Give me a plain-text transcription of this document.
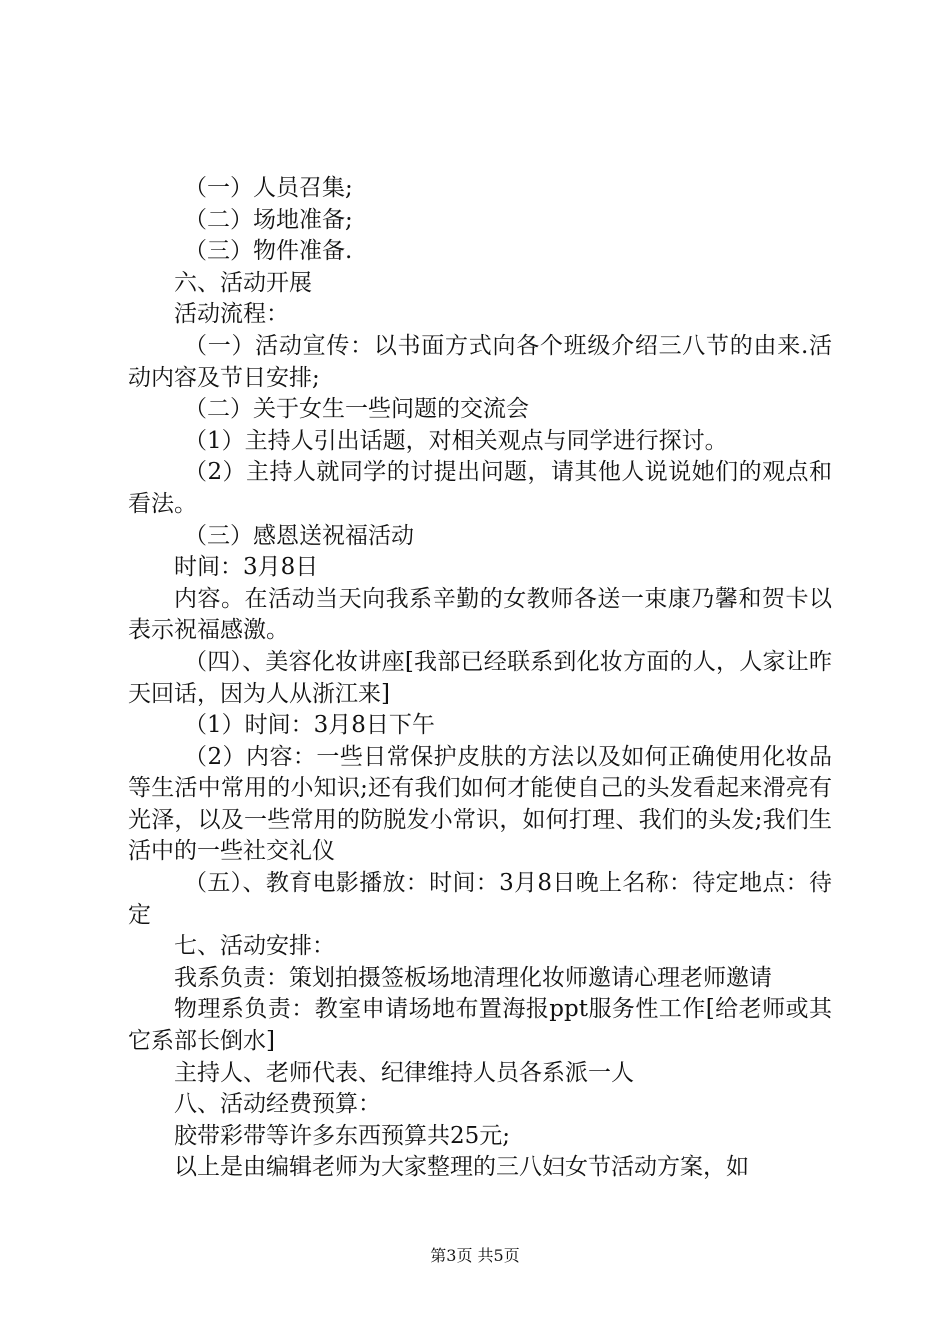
（一）人员召集;

（二）场地准备;

（三）物件准备.

六、活动开展

活动流程：

（一）活动宣传：以书面方式向各个班级介绍三八节的由来.活动内容及节日安排;

（二）关于女生一些问题的交流会

（1）主持人引出话题，对相关观点与同学进行探讨。

（2）主持人就同学的讨提出问题，请其他人说说她们的观点和看法。

（三）感恩送祝福活动

时间：3月8日

内容。在活动当天向我系辛勤的女教师各送一束康乃馨和贺卡以表示祝福感激。

（四）、美容化妆讲座[我部已经联系到化妆方面的人，人家让昨天回话，因为人从浙江来]

（1）时间：3月8日下午

（2）内容：一些日常保护皮肤的方法以及如何正确使用化妆品等生活中常用的小知识;还有我们如何才能使自己的头发看起来滑亮有光泽，以及一些常用的防脱发小常识，如何打理、我们的头发;我们生活中的一些社交礼仪

（五）、教育电影播放：时间：3月8日晚上名称：待定地点：待定

七、活动安排：

我系负责：策划拍摄签板场地清理化妆师邀请心理老师邀请

物理系负责：教室申请场地布置海报ppt服务性工作[给老师或其它系部长倒水]

主持人、老师代表、纪律维持人员各系派一人

八、活动经费预算：

胶带彩带等许多东西预算共25元;

以上是由编辑老师为大家整理的三八妇女节活动方案，如

第3页 共5页
